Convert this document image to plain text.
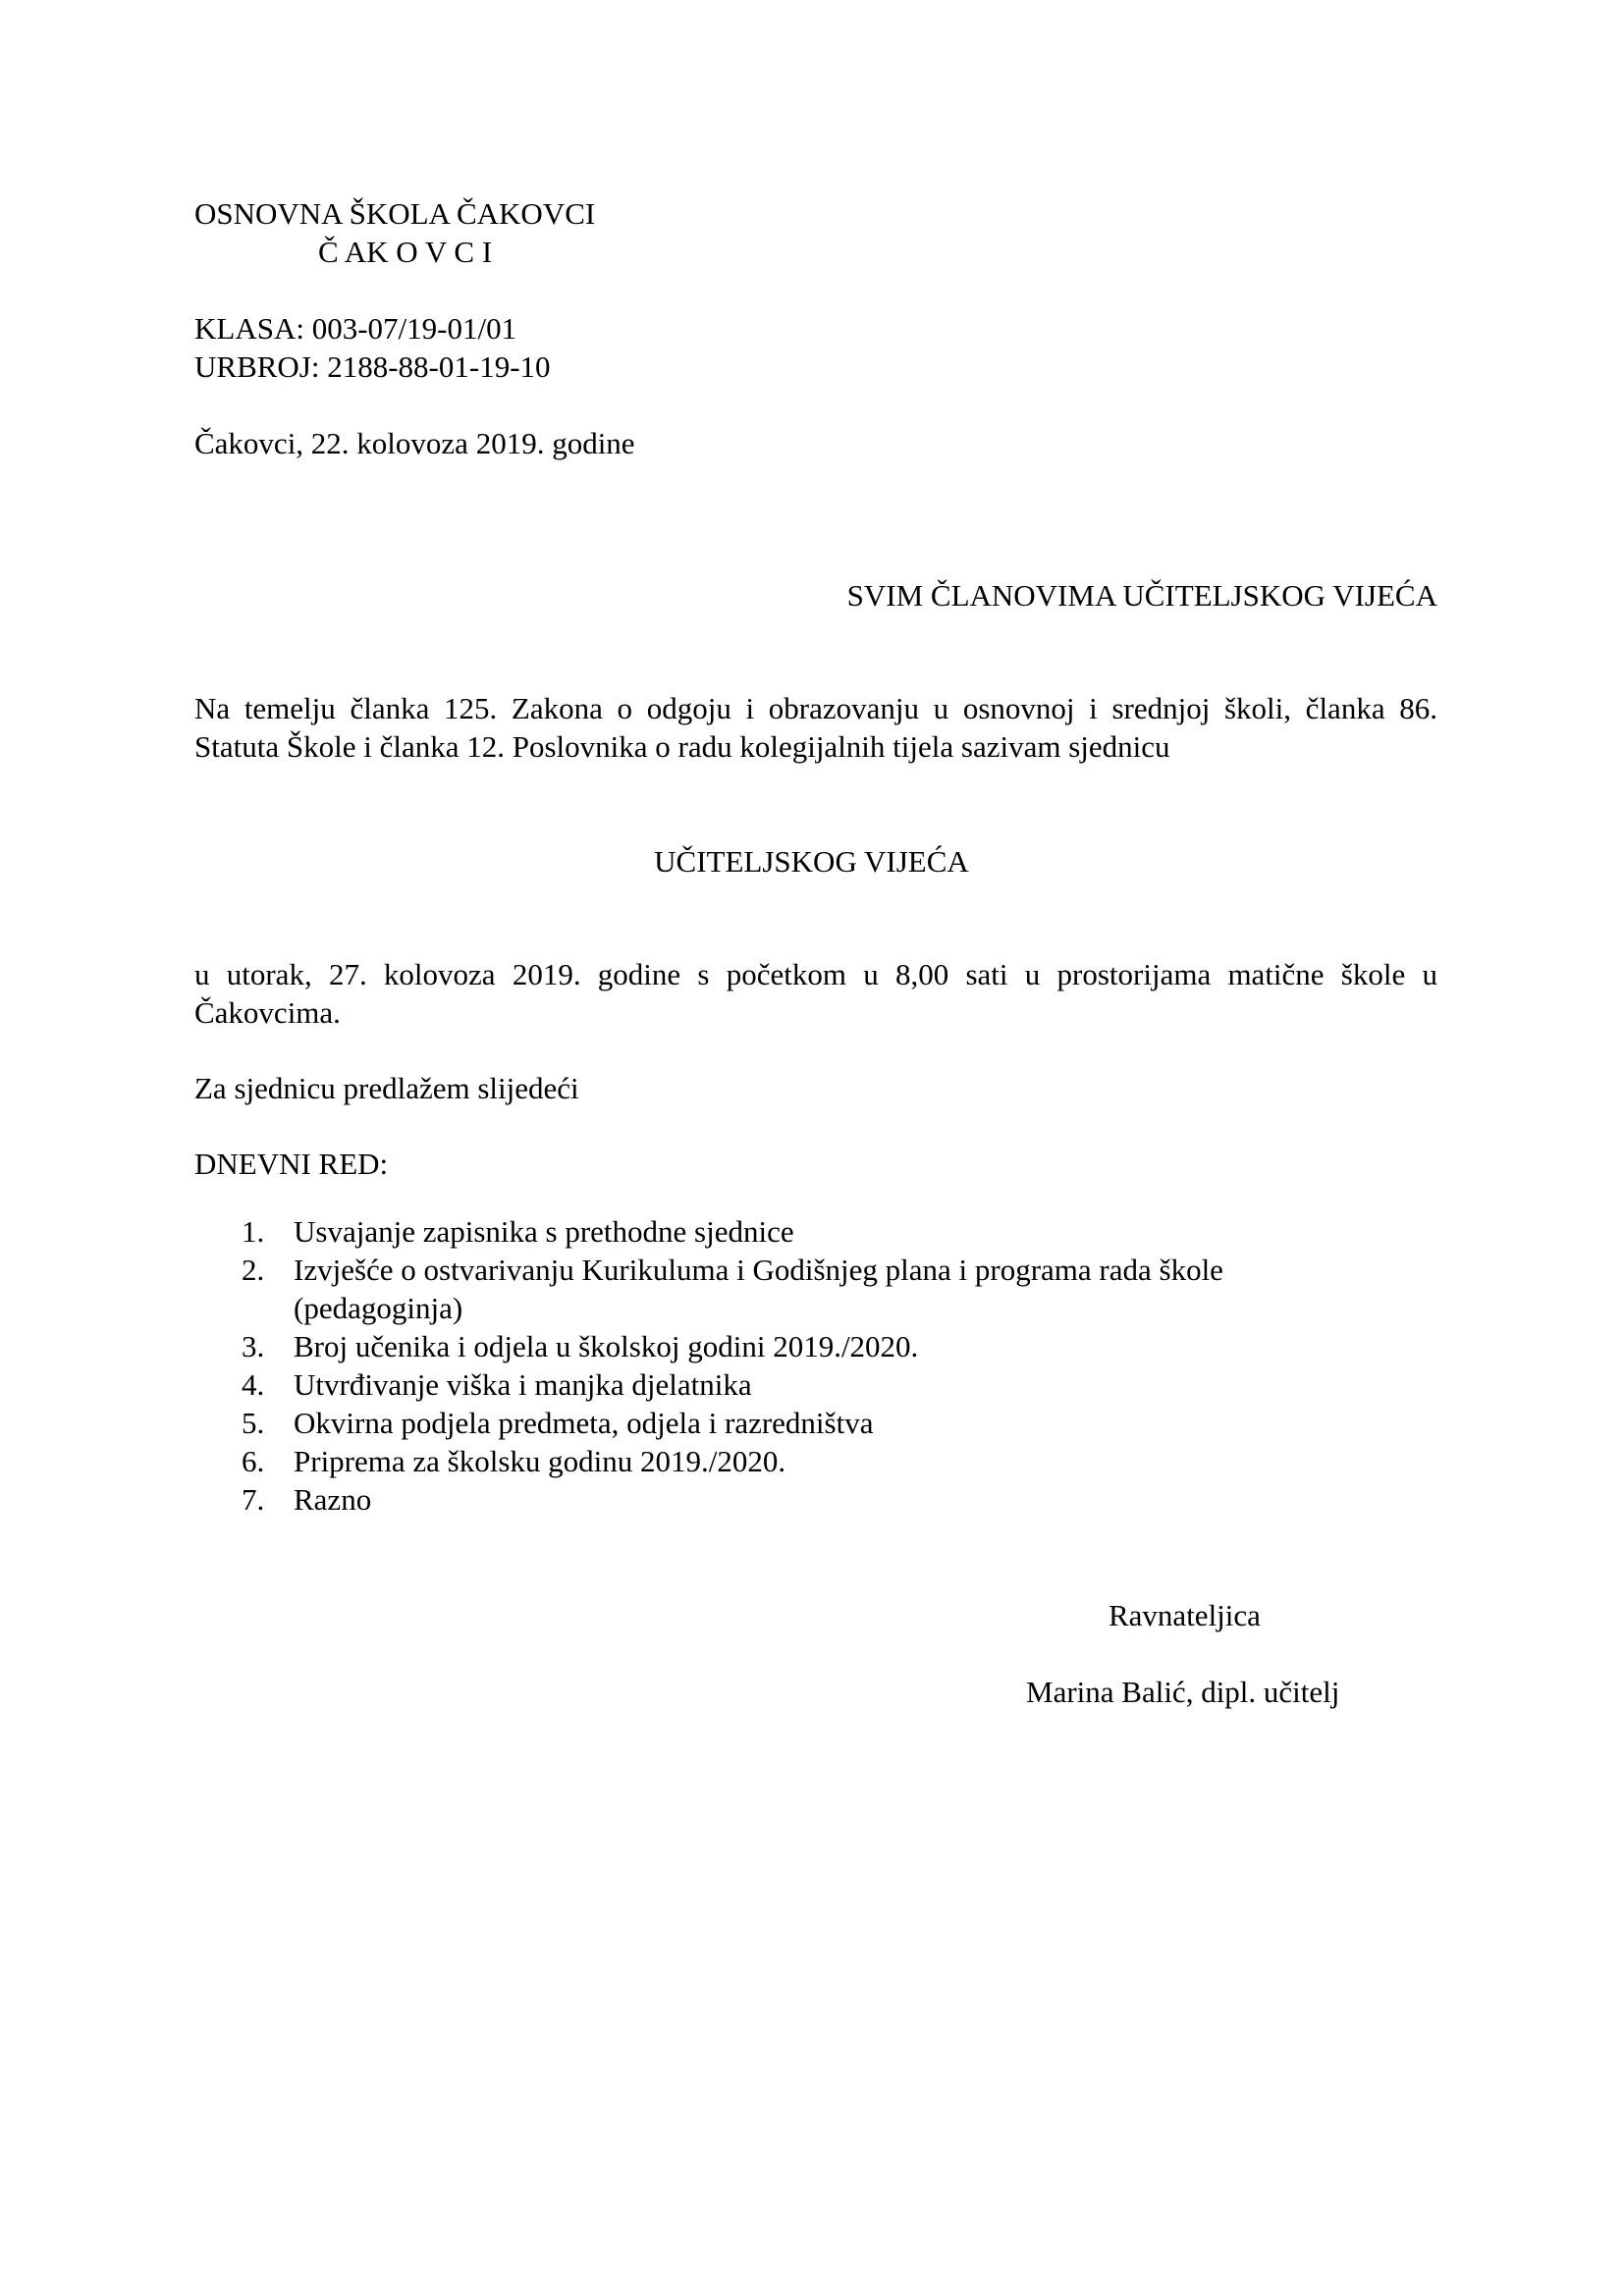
OSNOVNA ŠKOLA ČAKOVCI
Č AK O V C I
KLASA: 003-07/19-01/01
URBROJ: 2188-88-01-19-10
Čakovci, 22. kolovoza 2019. godine
SVIM ČLANOVIMA UČITELJSKOG VIJEĆA
Na temelju članka 125. Zakona o odgoju i obrazovanju u osnovnoj i srednjoj školi, članka 86.
Statuta Škole i članka 12. Poslovnika o radu kolegijalnih tijela sazivam sjednicu
UČITELJSKOG VIJEĆA
u utorak, 27. kolovoza 2019. godine s početkom u 8,00 sati u prostorijama matične škole u
Čakovcima.
Za sjednicu predlažem slijedeći
DNEVNI RED:
1. Usvajanje zapisnika s prethodne sjednice
2. Izvješće o ostvarivanju Kurikuluma i Godišnjeg plana i programa rada škole
(pedagoginja)
3. Broj učenika i odjela u školskoj godini 2019./2020.
4. Utvrđivanje viška i manjka djelatnika
5. Okvirna podjela predmeta, odjela i razredništva
6. Priprema za školsku godinu 2019./2020.
7. Razno
Ravnateljica
Marina Balić, dipl. učitelj
